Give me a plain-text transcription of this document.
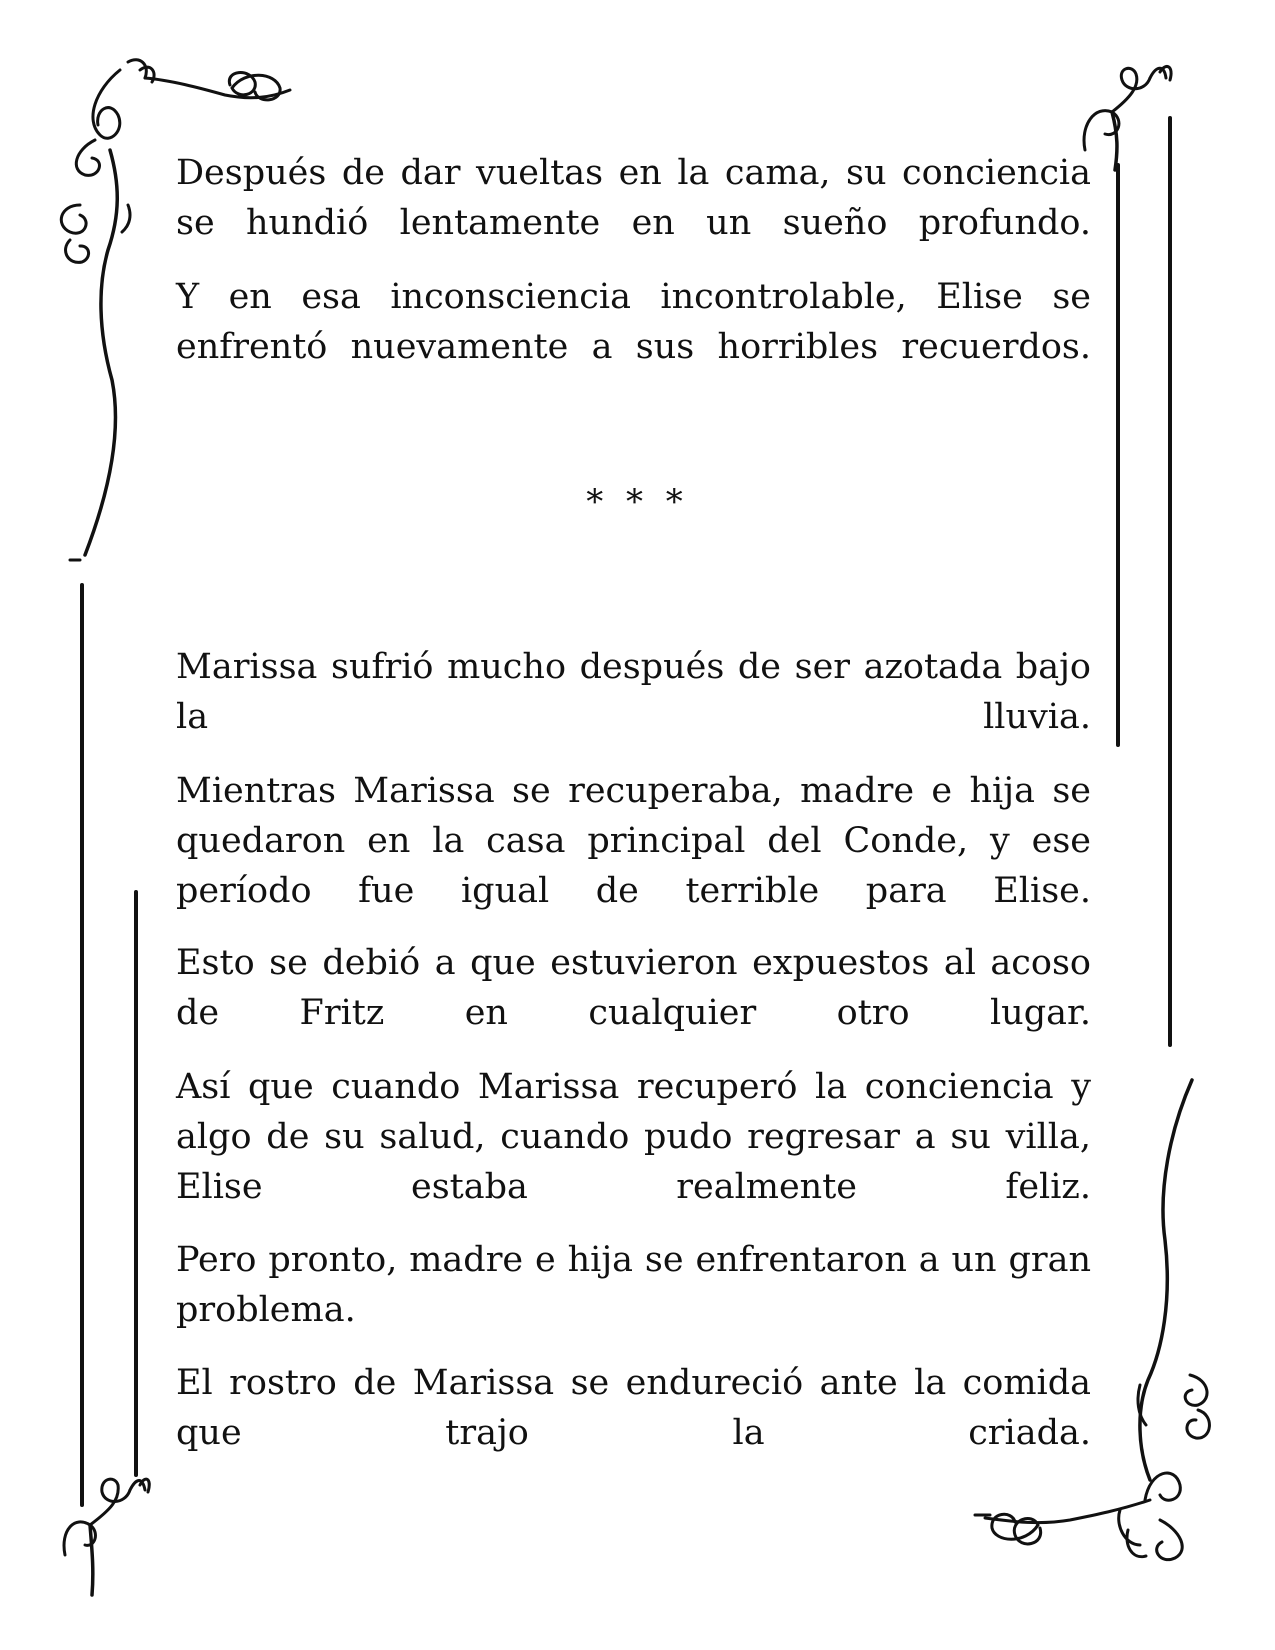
Después de dar vueltas en la cama, su conciencia se hundió lentamente en un sueño profundo.

Y en esa inconsciencia incontrolable, Elise se enfrentó nuevamente a sus horribles recuerdos.

* * *

Marissa sufrió mucho después de ser azotada bajo la lluvia.

Mientras Marissa se recuperaba, madre e hija se quedaron en la casa principal del Conde, y ese período fue igual de terrible para Elise.

Esto se debió a que estuvieron expuestos al acoso de Fritz en cualquier otro lugar.

Así que cuando Marissa recuperó la conciencia y algo de su salud, cuando pudo regresar a su villa, Elise estaba realmente feliz.

Pero pronto, madre e hija se enfrentaron a un gran problema.

El rostro de Marissa se endureció ante la comida que trajo la criada.
